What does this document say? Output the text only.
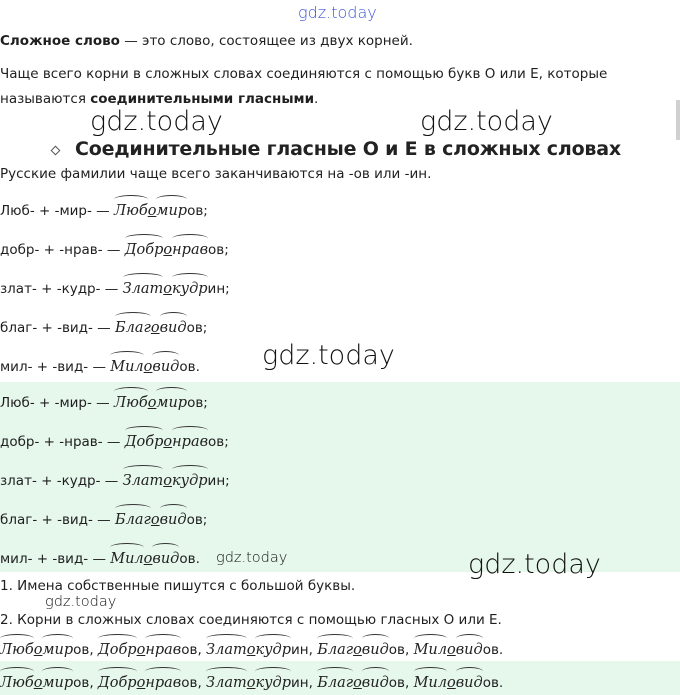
gdz.today
gdz.today	gdz.today
gdz.today
gdz.today	gdz.today
gdz.today
Сложное слово — это слово, состоящее из двух корней.
Чаще всего корни в сложных словах соединяются с помощью букв О или Е, которые
называются соединительными гласными.
Соединительные гласные О и Е в сложных словах
Русские фамилии чаще всего заканчиваются на -ов или -ин.
Люб- + -мир- — Люб
омир
ов;
добр- + -нрав- — Добр
онрав
ов;
злат- + -кудр- — Злат
окудр
ин;
благ- + -вид- — Благ
овид
ов;
мил- + -вид- — Мил
овид
ов.
Люб- + -мир- — Люб
омир
ов;
добр- + -нрав- — Добр
онрав
ов;
злат- + -кудр- — Злат
окудр
ин;
благ- + -вид- — Благ
овид
ов;
мил- + -вид- — Мил
овид
ов.
1. Имена собственные пишутся с большой буквы.
2. Корни в сложных словах соединяются с помощью гласных О или Е.
Люб
омир
ов, Добр
онрав
ов, Злат
окудр
ин, Благ
овид
ов, Мил
овид
ов.
Люб
омир
ов, Добр
онрав
ов, Злат
окудр
ин, Благ
овид
ов, Мил
овид
ов.
